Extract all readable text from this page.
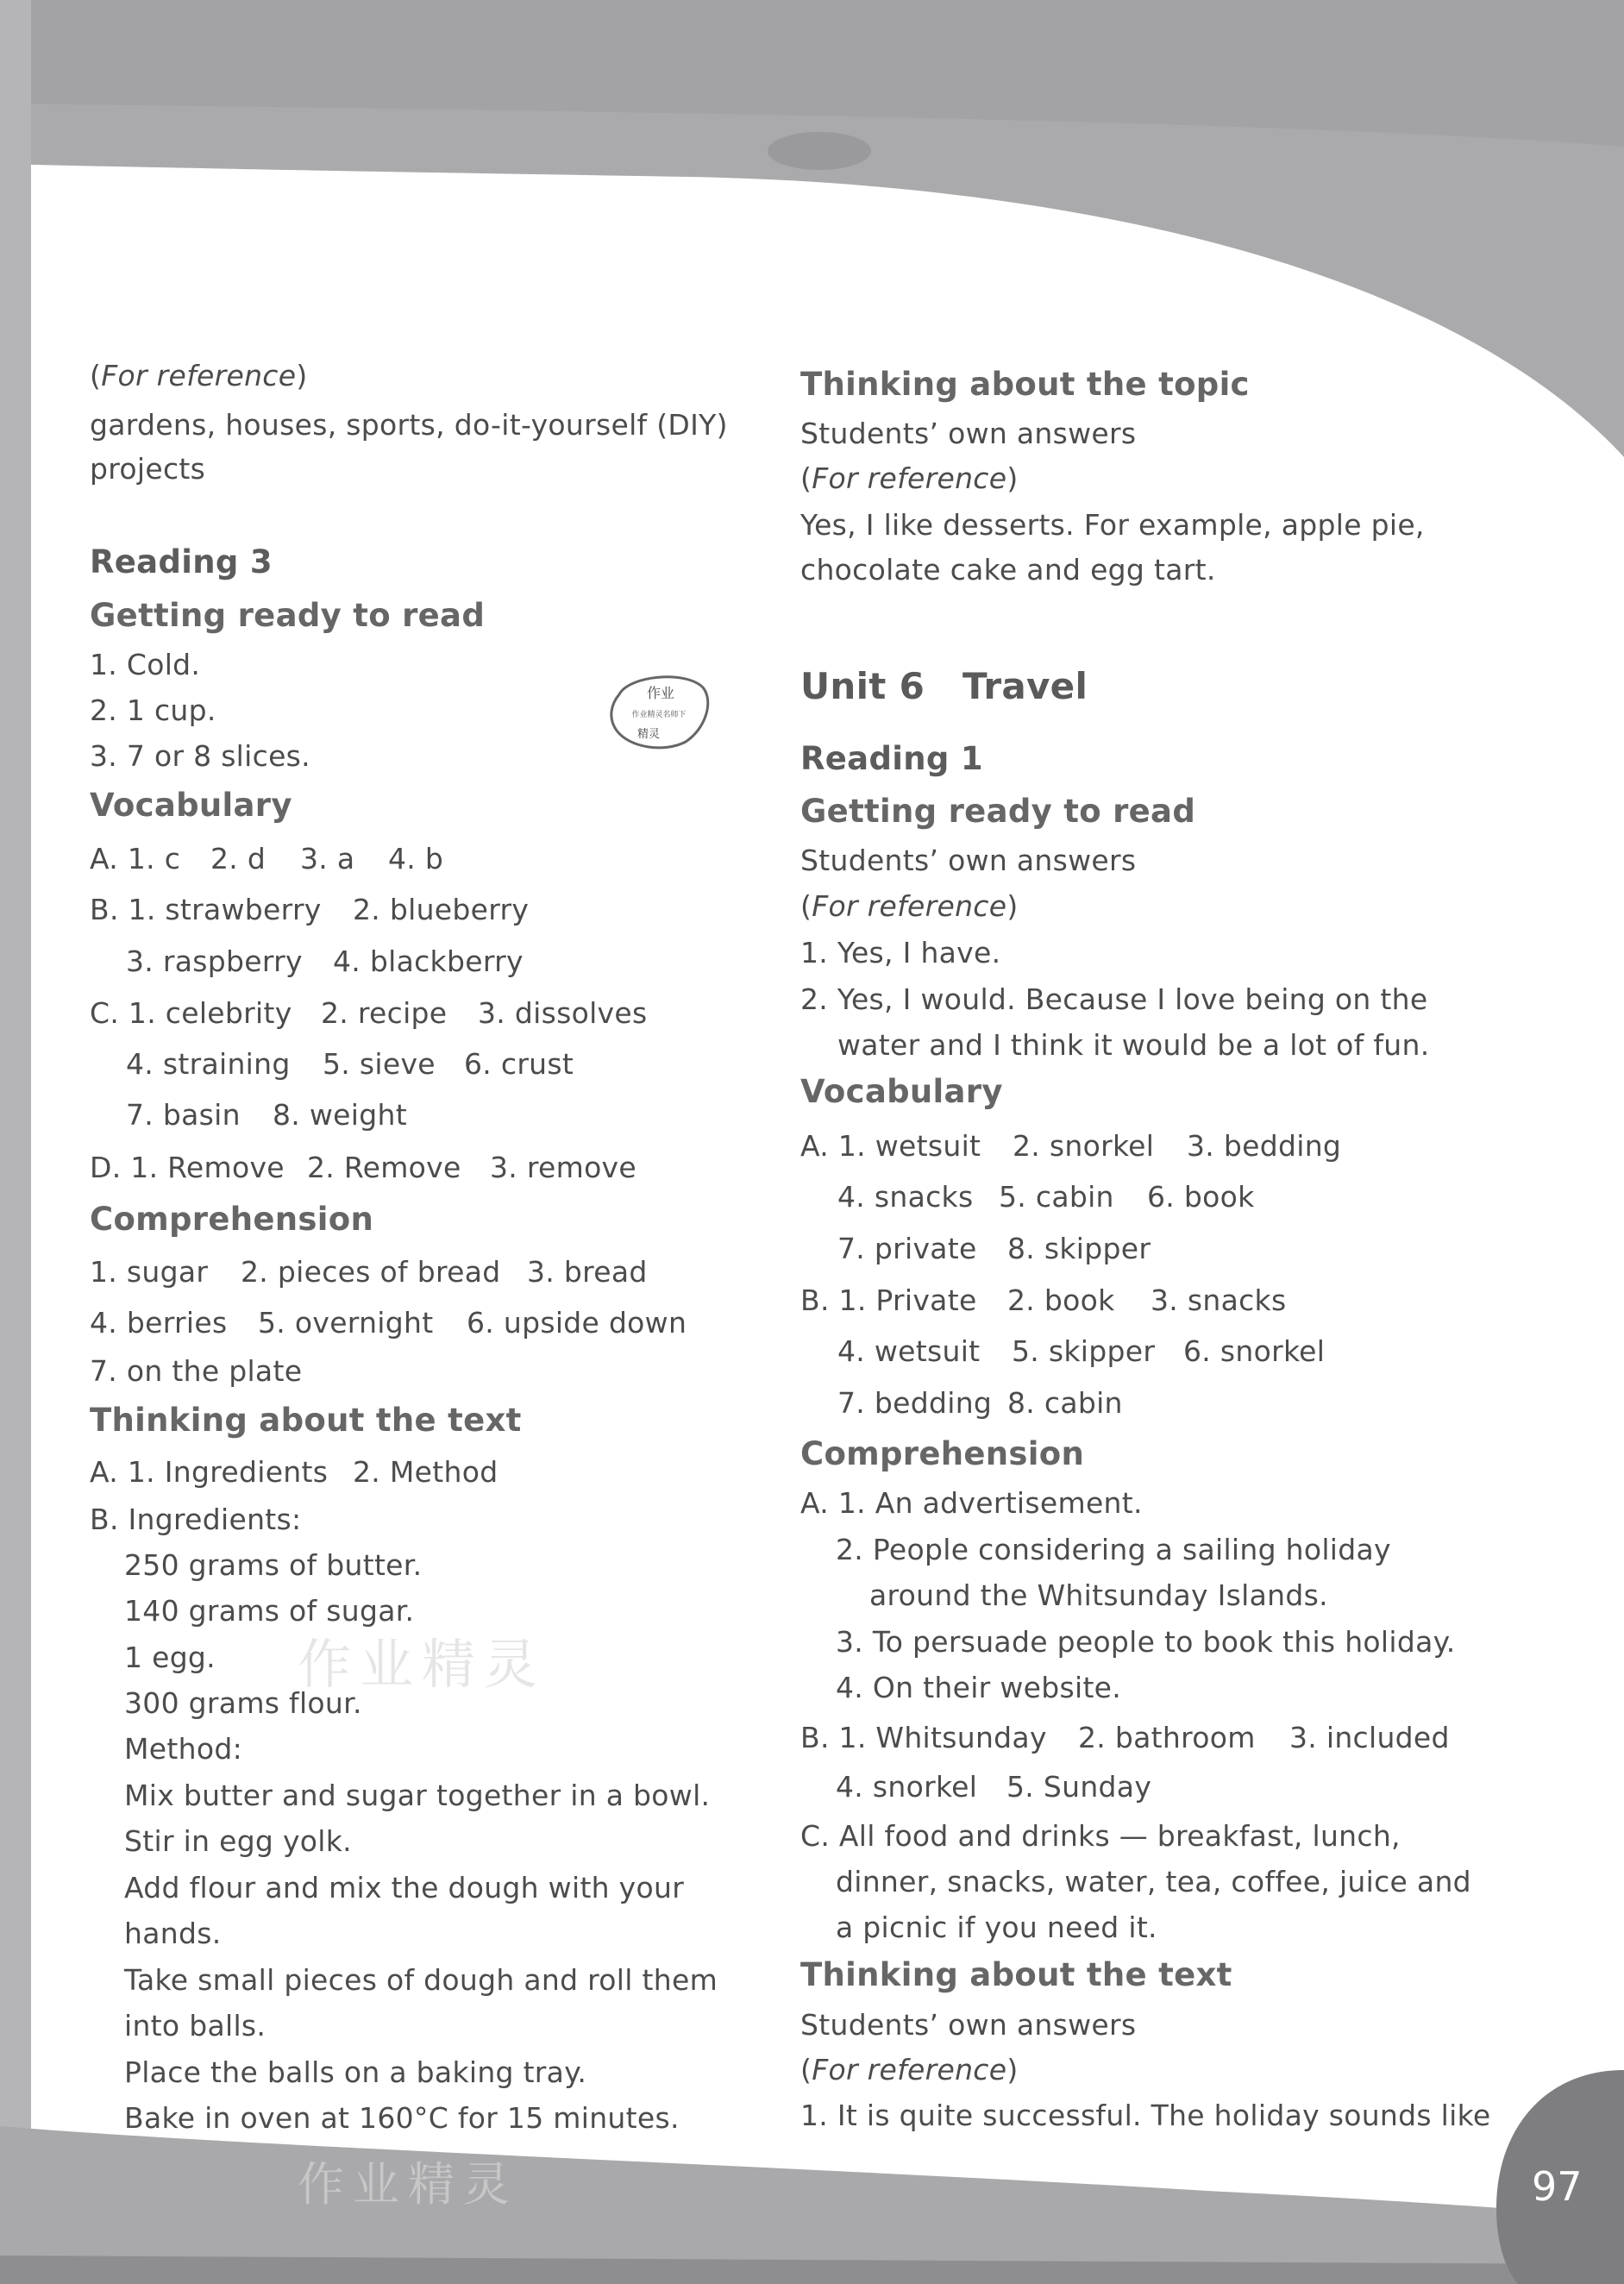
(For reference)
gardens, houses, sports, do-it-yourself (DIY)
projects
Reading 3
Getting ready to read
1. Cold.
2. 1 cup.
3. 7 or 8 slices.
Vocabulary
A. 1. c 2. d 3. a 4. b
B. 1. strawberry 2. blueberry
3. raspberry 4. blackberry
C. 1. celebrity 2. recipe 3. dissolves
4. straining 5. sieve 6. crust
7. basin 8. weight
D. 1. Remove 2. Remove 3. remove
Comprehension
1. sugar 2. pieces of bread 3. bread
4. berries 5. overnight 6. upside down
7. on the plate
Thinking about the text
A. 1. Ingredients 2. Method
B. Ingredients:
250 grams of butter.
140 grams of sugar.
1 egg.
300 grams flour.
Method:
Mix butter and sugar together in a bowl.
Stir in egg yolk.
Add flour and mix the dough with your
hands.
Take small pieces of dough and roll them
into balls.
Place the balls on a baking tray.
Bake in oven at 160°C for 15 minutes.
Thinking about the topic
Students’ own answers
(For reference)
Yes, I like desserts. For example, apple pie,
chocolate cake and egg tart.
Unit 6 Travel
Reading 1
Getting ready to read
Students’ own answers
(For reference)
1. Yes, I have.
2. Yes, I would. Because I love being on the
water and I think it would be a lot of fun.
Vocabulary
A. 1. wetsuit 2. snorkel 3. bedding
4. snacks 5. cabin 6. book
7. private 8. skipper
B. 1. Private 2. book 3. snacks
4. wetsuit 5. skipper 6. snorkel
7. bedding 8. cabin
Comprehension
A. 1. An advertisement.
2. People considering a sailing holiday
around the Whitsunday Islands.
3. To persuade people to book this holiday.
4. On their website.
B. 1. Whitsunday 2. bathroom 3. included
4. snorkel 5. Sunday
C. All food and drinks — breakfast, lunch,
dinner, snacks, water, tea, coffee, juice and
a picnic if you need it.
Thinking about the text
Students’ own answers
(For reference)
1. It is quite successful. The holiday sounds like
作业
作业精灵名师下
精灵
作业精灵
作业精灵	97
